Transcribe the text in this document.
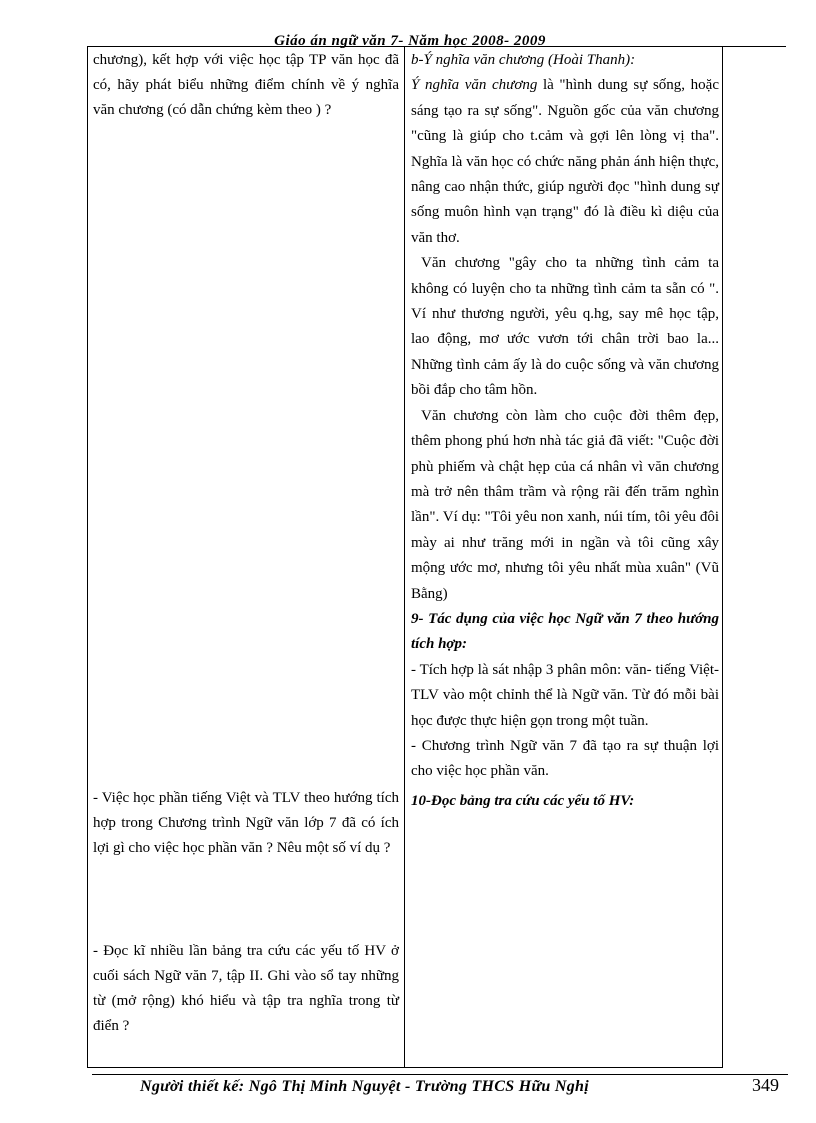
Giáo án ngữ văn 7- Năm học 2008- 2009

chương), kết hợp với việc học tập TP văn học đã có, hãy phát biểu những điểm chính về ý nghĩa văn chương (có dẫn chứng kèm theo ) ?

- Việc học phần tiếng Việt và TLV theo hướng tích hợp trong Chương trình Ngữ văn lớp 7 đã có ích lợi gì cho việc học phần văn ? Nêu một số ví dụ ?

- Đọc kĩ nhiều lần bảng tra cứu các yếu tố HV ở cuối sách Ngữ văn 7, tập II. Ghi vào sổ tay những từ (mở rộng) khó hiểu và tập tra nghĩa trong từ điển ?

b-Ý nghĩa văn chương (Hoài Thanh):

Ý nghĩa văn chương là "hình dung sự sống, hoặc sáng tạo ra sự sống". Nguồn gốc của văn chương "cũng là giúp cho t.cảm và gợi lên lòng vị tha". Nghĩa là văn học có chức năng phản ánh hiện thực, nâng cao nhận thức, giúp người đọc "hình dung sự sống muôn hình vạn trạng" đó là điều kì diệu của văn thơ.

Văn chương "gây cho ta những tình cảm ta không có luyện cho ta những tình cảm ta sẵn có ". Ví như thương người, yêu q.hg, say mê học tập, lao động, mơ ước vươn tới chân trời bao la... Những tình cảm ấy là do cuộc sống và văn chương bồi đắp cho tâm hồn.

Văn chương còn làm cho cuộc đời thêm đẹp, thêm phong phú hơn nhà tác giả đã viết: "Cuộc đời phù phiếm và chật hẹp của cá nhân vì văn chương mà trở nên thâm trầm và rộng rãi đến trăm nghìn lần". Ví dụ: "Tôi yêu non xanh, núi tím, tôi yêu đôi mày ai như trăng mới in ngần và tôi cũng xây mộng ước mơ, nhưng tôi yêu nhất mùa xuân" (Vũ Bằng)

9- Tác dụng của việc học Ngữ văn 7 theo hướng tích hợp:

- Tích hợp là sát nhập 3 phân môn: văn- tiếng Việt- TLV vào một chỉnh thể là Ngữ văn. Từ đó mỗi bài học được thực hiện gọn trong một tuần.

- Chương trình Ngữ văn 7 đã tạo ra sự thuận lợi cho việc học phần văn.

10-Đọc bảng tra cứu các yếu tố HV:

Người thiết kế: Ngô Thị Minh Nguyệt - Trường THCS Hữu Nghị	349
